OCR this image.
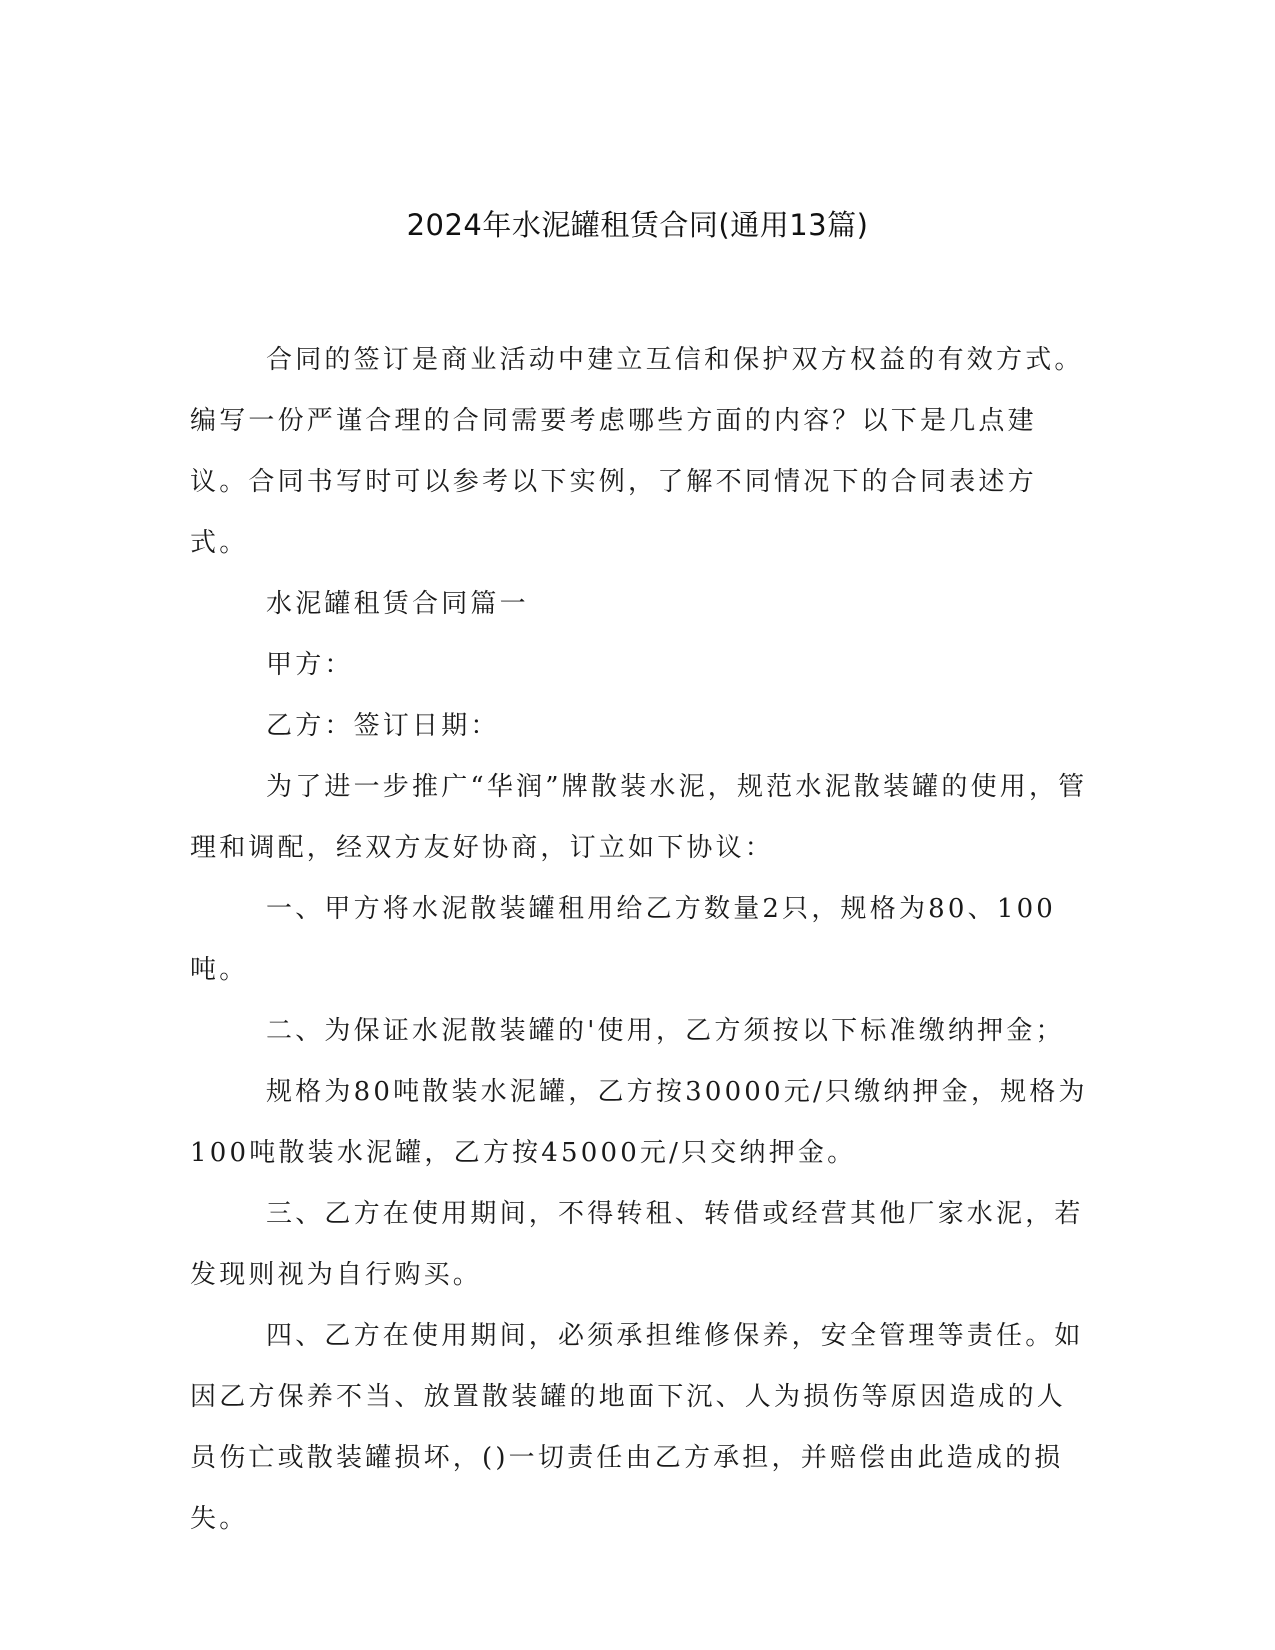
2024年水泥罐租赁合同(通用13篇)

合同的签订是商业活动中建立互信和保护双方权益的有效方式。编写一份严谨合理的合同需要考虑哪些方面的内容？以下是几点建议。合同书写时可以参考以下实例，了解不同情况下的合同表述方式。

水泥罐租赁合同篇一

甲方：

乙方：签订日期：

为了进一步推广“华润”牌散装水泥，规范水泥散装罐的使用，管理和调配，经双方友好协商，订立如下协议：

一、甲方将水泥散装罐租用给乙方数量2只，规格为80、100吨。

二、为保证水泥散装罐的'使用，乙方须按以下标准缴纳押金；

规格为80吨散装水泥罐，乙方按30000元/只缴纳押金，规格为100吨散装水泥罐，乙方按45000元/只交纳押金。

三、乙方在使用期间，不得转租、转借或经营其他厂家水泥，若发现则视为自行购买。

四、乙方在使用期间，必须承担维修保养，安全管理等责任。如因乙方保养不当、放置散装罐的地面下沉、人为损伤等原因造成的人员伤亡或散装罐损坏，()一切责任由乙方承担，并赔偿由此造成的损失。
